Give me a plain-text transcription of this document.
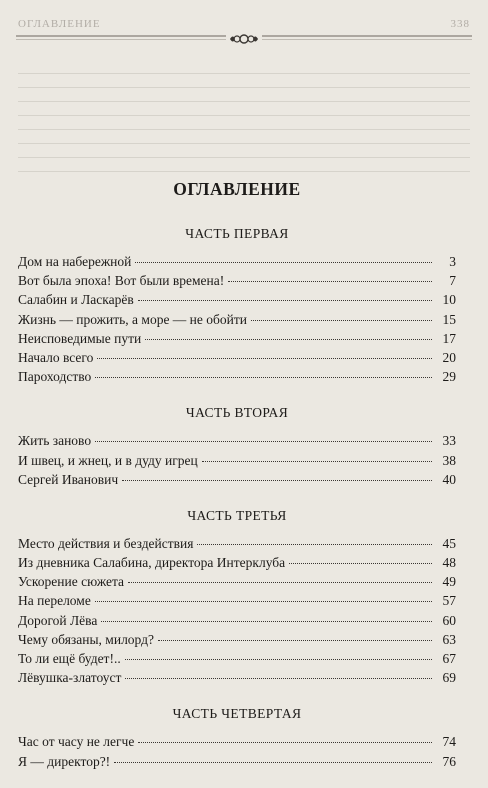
ОГЛАВЛЕНИЕ	338
ОГЛАВЛЕНИЕ
ЧАСТЬ ПЕРВАЯ
Дом на набережной	3
Вот была эпоха! Вот были времена!	7
Салабин и Ласкарёв	10
Жизнь — прожить, а море — не обойти	15
Неисповедимые пути	17
Начало всего	20
Пароходство	29
ЧАСТЬ ВТОРАЯ
Жить заново	33
И швец, и жнец, и в дуду игрец	38
Сергей Иванович	40
ЧАСТЬ ТРЕТЬЯ
Место действия и бездействия	45
Из дневника Салабина, директора Интерклуба	48
Ускорение сюжета	49
На переломе	57
Дорогой Лёва	60
Чему обязаны, милорд?	63
То ли ещё будет!..	67
Лёвушка-златоуст	69
ЧАСТЬ ЧЕТВЕРТАЯ
Час от часу не легче	74
Я — директор?!	76
